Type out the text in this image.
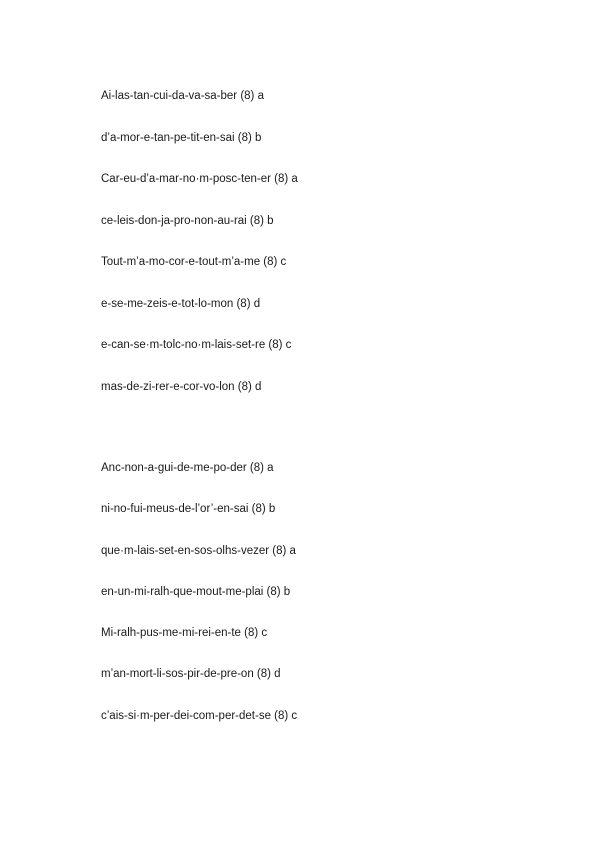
Ai-las-tan-cui-da-va-sa-ber (8) a
d’a-mor-e-tan-pe-tit-en-sai (8) b
Car-eu-d’a-mar-no·m-posc-ten-er (8) a
ce-leis-don-ja-pro-non-au-rai (8) b
Tout-m’a-mo-cor-e-tout-m’a-me (8) c
e-se-me-zeis-e-tot-lo-mon (8) d
e-can-se·m-tolc-no·m-lais-set-re (8) c
mas-de-zi-rer-e-cor-vo-lon (8) d
Anc-non-a-gui-de-me-po-der (8) a
ni-no-fui-meus-de-l’or’-en-sai (8) b
que·m-lais-set-en-sos-olhs-vezer (8) a
en-un-mi-ralh-que-mout-me-plai (8) b
Mi-ralh-pus-me-mi-rei-en-te (8) c
m’an-mort-li-sos-pir-de-pre-on (8) d
c’ais-si·m-per-dei-com-per-det-se (8) c
